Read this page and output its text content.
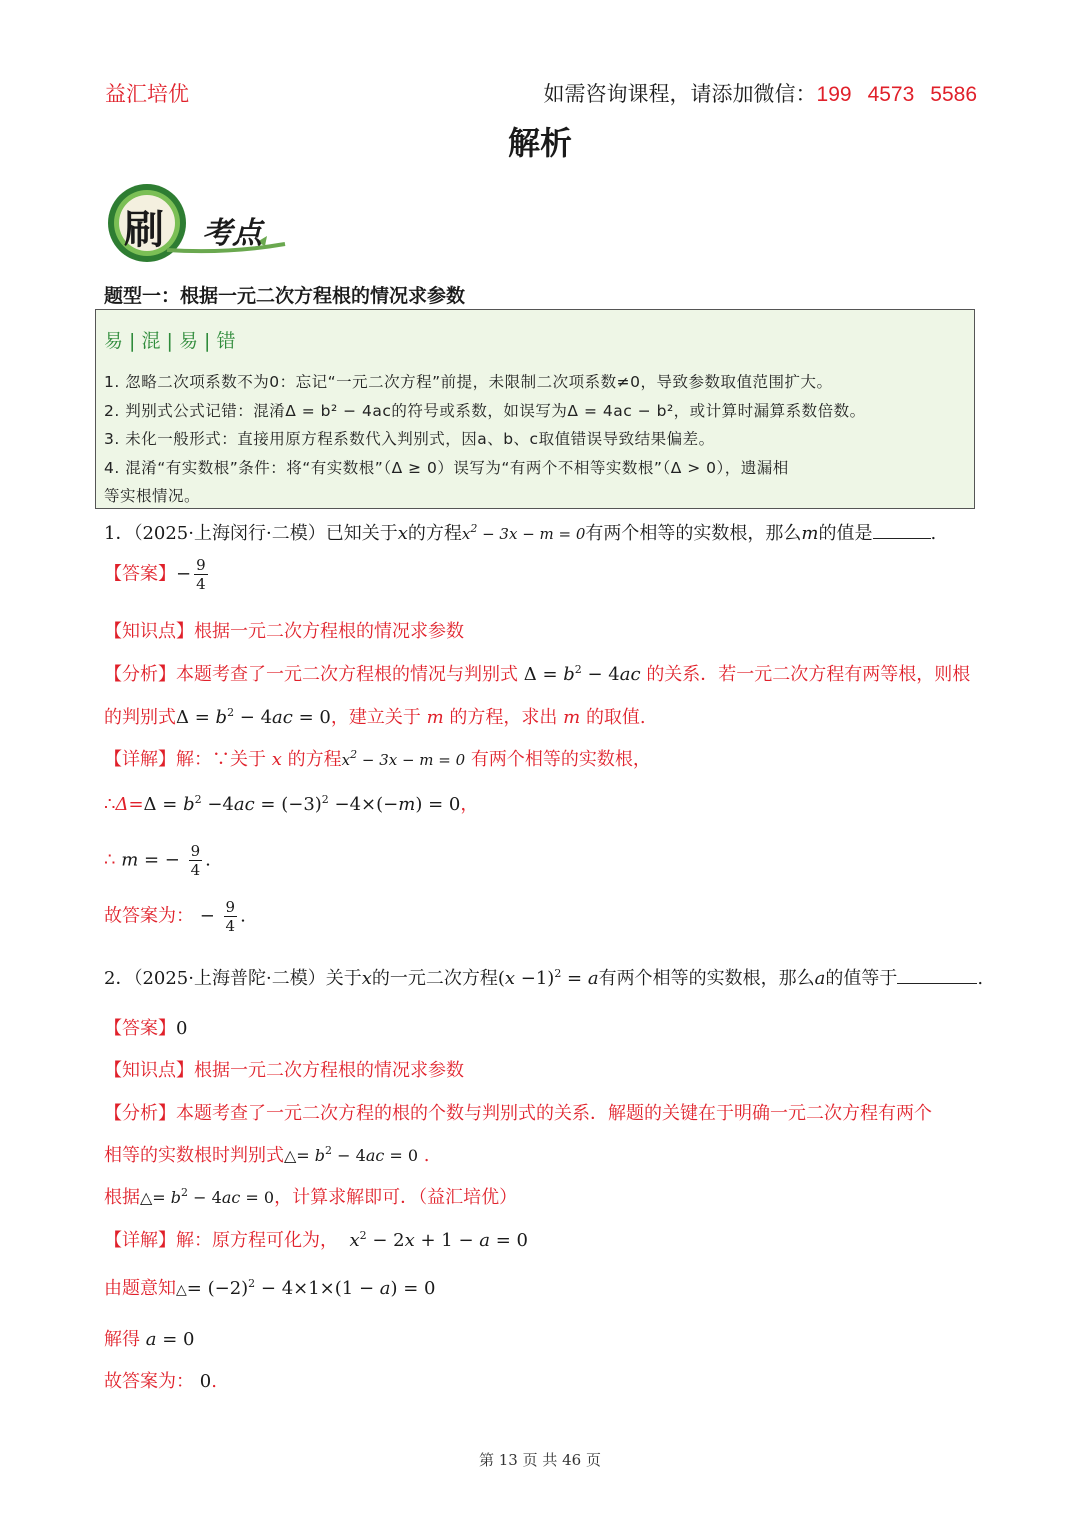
益汇培优	如需咨询课程，请添加微信：199 4573 5586
解析
刷 考点
题型一：根据一元二次方程根的情况求参数
易 | 混 | 易 | 错
1. 忽略二次项系数不为0：忘记“一元二次方程”前提，未限制二次项系数≠0，导致参数取值范围扩大。
2. 判别式公式记错：混淆Δ = b² − 4ac的符号或系数，如误写为Δ = 4ac − b²，或计算时漏算系数倍数。
3. 未化一般形式：直接用原方程系数代入判别式，因a、b、c取值错误导致结果偏差。
4. 混淆“有实数根”条件：将“有实数根”（Δ ≥ 0）误写为“有两个不相等实数根”（Δ > 0），遗漏相
等实根情况。
1．（2025·上海闵行·二模）已知关于x的方程$x^2 - 3x - m = 0$有两个相等的实数根，那么m的值是	.
【答案】− $\frac{9}{4}$
【知识点】根据一元二次方程根的情况求参数
【分析】本题考查了一元二次方程根的情况与判别式 $\Delta = b^2 - 4ac$ 的关系．若一元二次方程有两等根，则根
的判别式$\Delta = b^2 - 4ac = 0$，建立关于 m 的方程，求出 m 的取值.
【详解】解：∵关于 x 的方程$x^2 - 3x - m = 0$ 有两个相等的实数根，
∴Δ=Δ = $b^2 -4ac = (-3)^2 -4\times(-m) = 0$，
∴ m = − $\frac{9}{4}$ .
故答案为： − $\frac{9}{4}$ .
2．（2025·上海普陀·二模）关于x的一元二次方程$(x -1)^2 = a$有两个相等的实数根，那么a的值等于	.
【答案】0
【知识点】根据一元二次方程根的情况求参数
【分析】本题考查了一元二次方程的根的个数与判别式的关系．解题的关键在于明确一元二次方程有两个
相等的实数根时判别式△= $b^2 - 4ac = 0$ .
根据△= $b^2 - 4ac = 0$，计算求解即可．（益汇培优）
【详解】解：原方程可化为， $x^2 - 2x + 1 - a = 0$
由题意知△= $(-2)^2 - 4\times 1\times(1 - a) = 0$
解得 a = 0
故答案为： 0.
第 13 页 共 46 页
